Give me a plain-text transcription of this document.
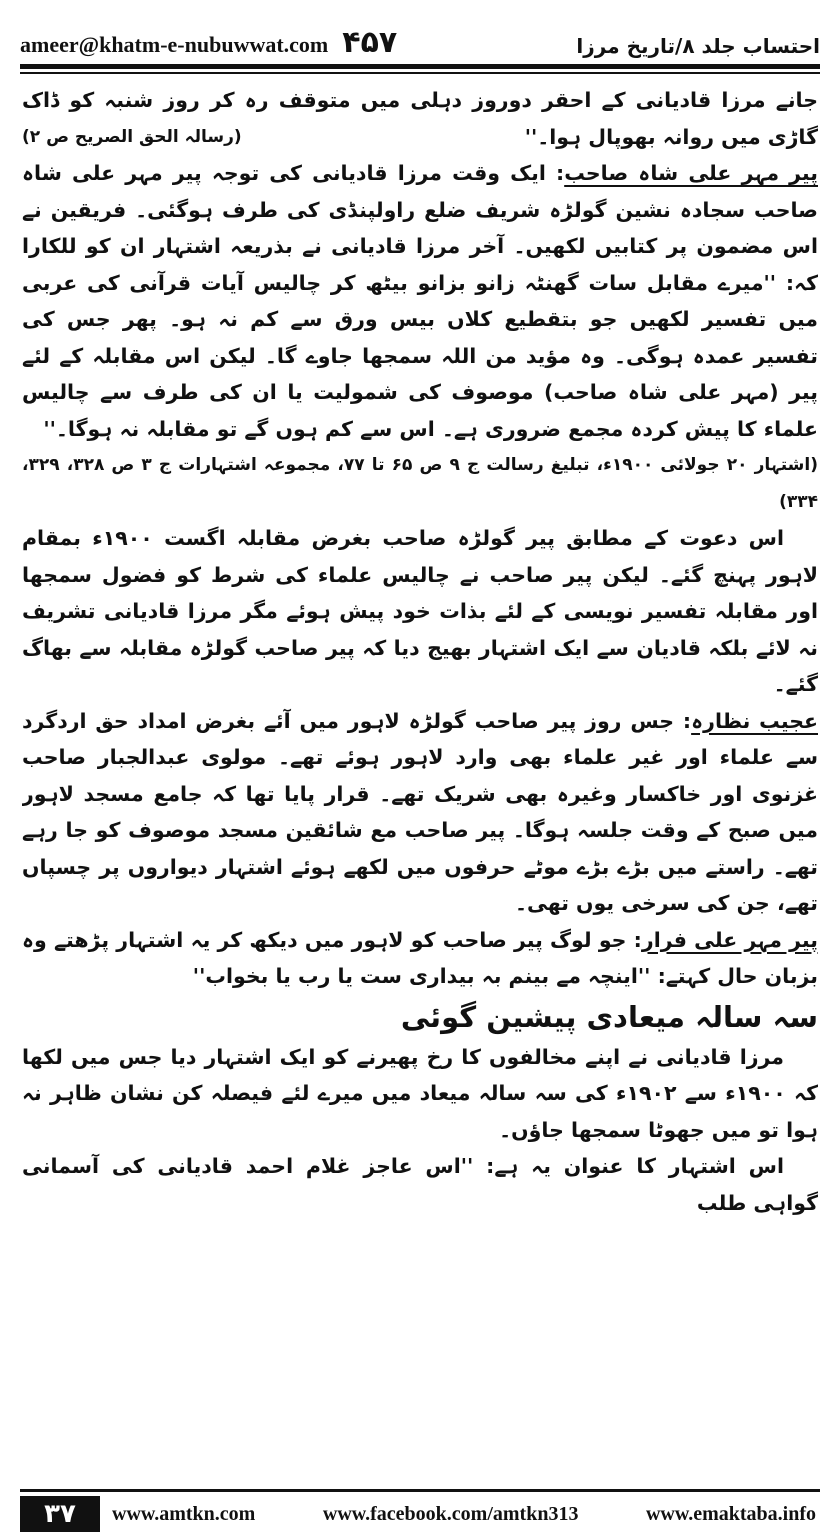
ameer@khatm-e-nubuwwat.com ۴۵۷	احتساب جلد ۸/تاریخ مرزا

جانے مرزا قادیانی کے احقر دوروز دہلی میں متوقف رہ کر روز شنبہ کو ڈاک گاڑی میں روانہ بھوپال ہوا۔''
(رسالہ الحق الصریح ص ۲)

پیر مہر علی شاہ صاحب: ایک وقت مرزا قادیانی کی توجہ پیر مہر علی شاہ صاحب سجادہ نشین گولڑہ شریف ضلع راولپنڈی کی طرف ہوگئی۔ فریقین نے اس مضمون پر کتابیں لکھیں۔ آخر مرزا قادیانی نے بذریعہ اشتہار ان کو للکارا کہ: ''میرے مقابل سات گھنٹہ زانو بزانو بیٹھ کر چالیس آیات قرآنی کی عربی میں تفسیر لکھیں جو بتقطیع کلاں بیس ورق سے کم نہ ہو۔ پھر جس کی تفسیر عمدہ ہوگی۔ وہ مؤید من اللہ سمجھا جاوے گا۔ لیکن اس مقابلہ کے لئے پیر (مہر علی شاہ صاحب) موصوف کی شمولیت یا ان کی طرف سے چالیس علماء کا پیش کردہ مجمع ضروری ہے۔ اس سے کم ہوں گے تو مقابلہ نہ ہوگا۔''

(اشتہار ۲۰ جولائی ۱۹۰۰ء، تبلیغ رسالت ج ۹ ص ۶۵ تا ۷۷، مجموعہ اشتہارات ج ۳ ص ۳۲۸، ۳۲۹، ۳۳۴)

اس دعوت کے مطابق پیر گولڑہ صاحب بغرض مقابلہ اگست ۱۹۰۰ء بمقام لاہور پہنچ گئے۔ لیکن پیر صاحب نے چالیس علماء کی شرط کو فضول سمجھا اور مقابلہ تفسیر نویسی کے لئے بذات خود پیش ہوئے مگر مرزا قادیانی تشریف نہ لائے بلکہ قادیان سے ایک اشتہار بھیج دیا کہ پیر صاحب گولڑہ مقابلہ سے بھاگ گئے۔

عجیب نظارہ: جس روز پیر صاحب گولڑہ لاہور میں آئے بغرض امداد حق اردگرد سے علماء اور غیر علماء بھی وارد لاہور ہوئے تھے۔ مولوی عبدالجبار صاحب غزنوی اور خاکسار وغیرہ بھی شریک تھے۔ قرار پایا تھا کہ جامع مسجد لاہور میں صبح کے وقت جلسہ ہوگا۔ پیر صاحب مع شائقین مسجد موصوف کو جا رہے تھے۔ راستے میں بڑے بڑے موٹے حرفوں میں لکھے ہوئے اشتہار دیواروں پر چسپاں تھے، جن کی سرخی یوں تھی۔

پیر مہر علی فرار: جو لوگ پیر صاحب کو لاہور میں دیکھ کر یہ اشتہار پڑھتے وہ بزبان حال کہتے: ''اینچہ مے بینم بہ بیداری ست یا رب یا بخواب''

سہ سالہ میعادی پیشین گوئی

مرزا قادیانی نے اپنے مخالفوں کا رخ پھیرنے کو ایک اشتہار دیا جس میں لکھا کہ ۱۹۰۰ء سے ۱۹۰۲ء کی سہ سالہ میعاد میں میرے لئے فیصلہ کن نشان ظاہر نہ ہوا تو میں جھوٹا سمجھا جاؤں۔

اس اشتہار کا عنوان یہ ہے: ''اس عاجز غلام احمد قادیانی کی آسمانی گواہی طلب

۳۷	www.amtkn.com	www.facebook.com/amtkn313	www.emaktaba.info
